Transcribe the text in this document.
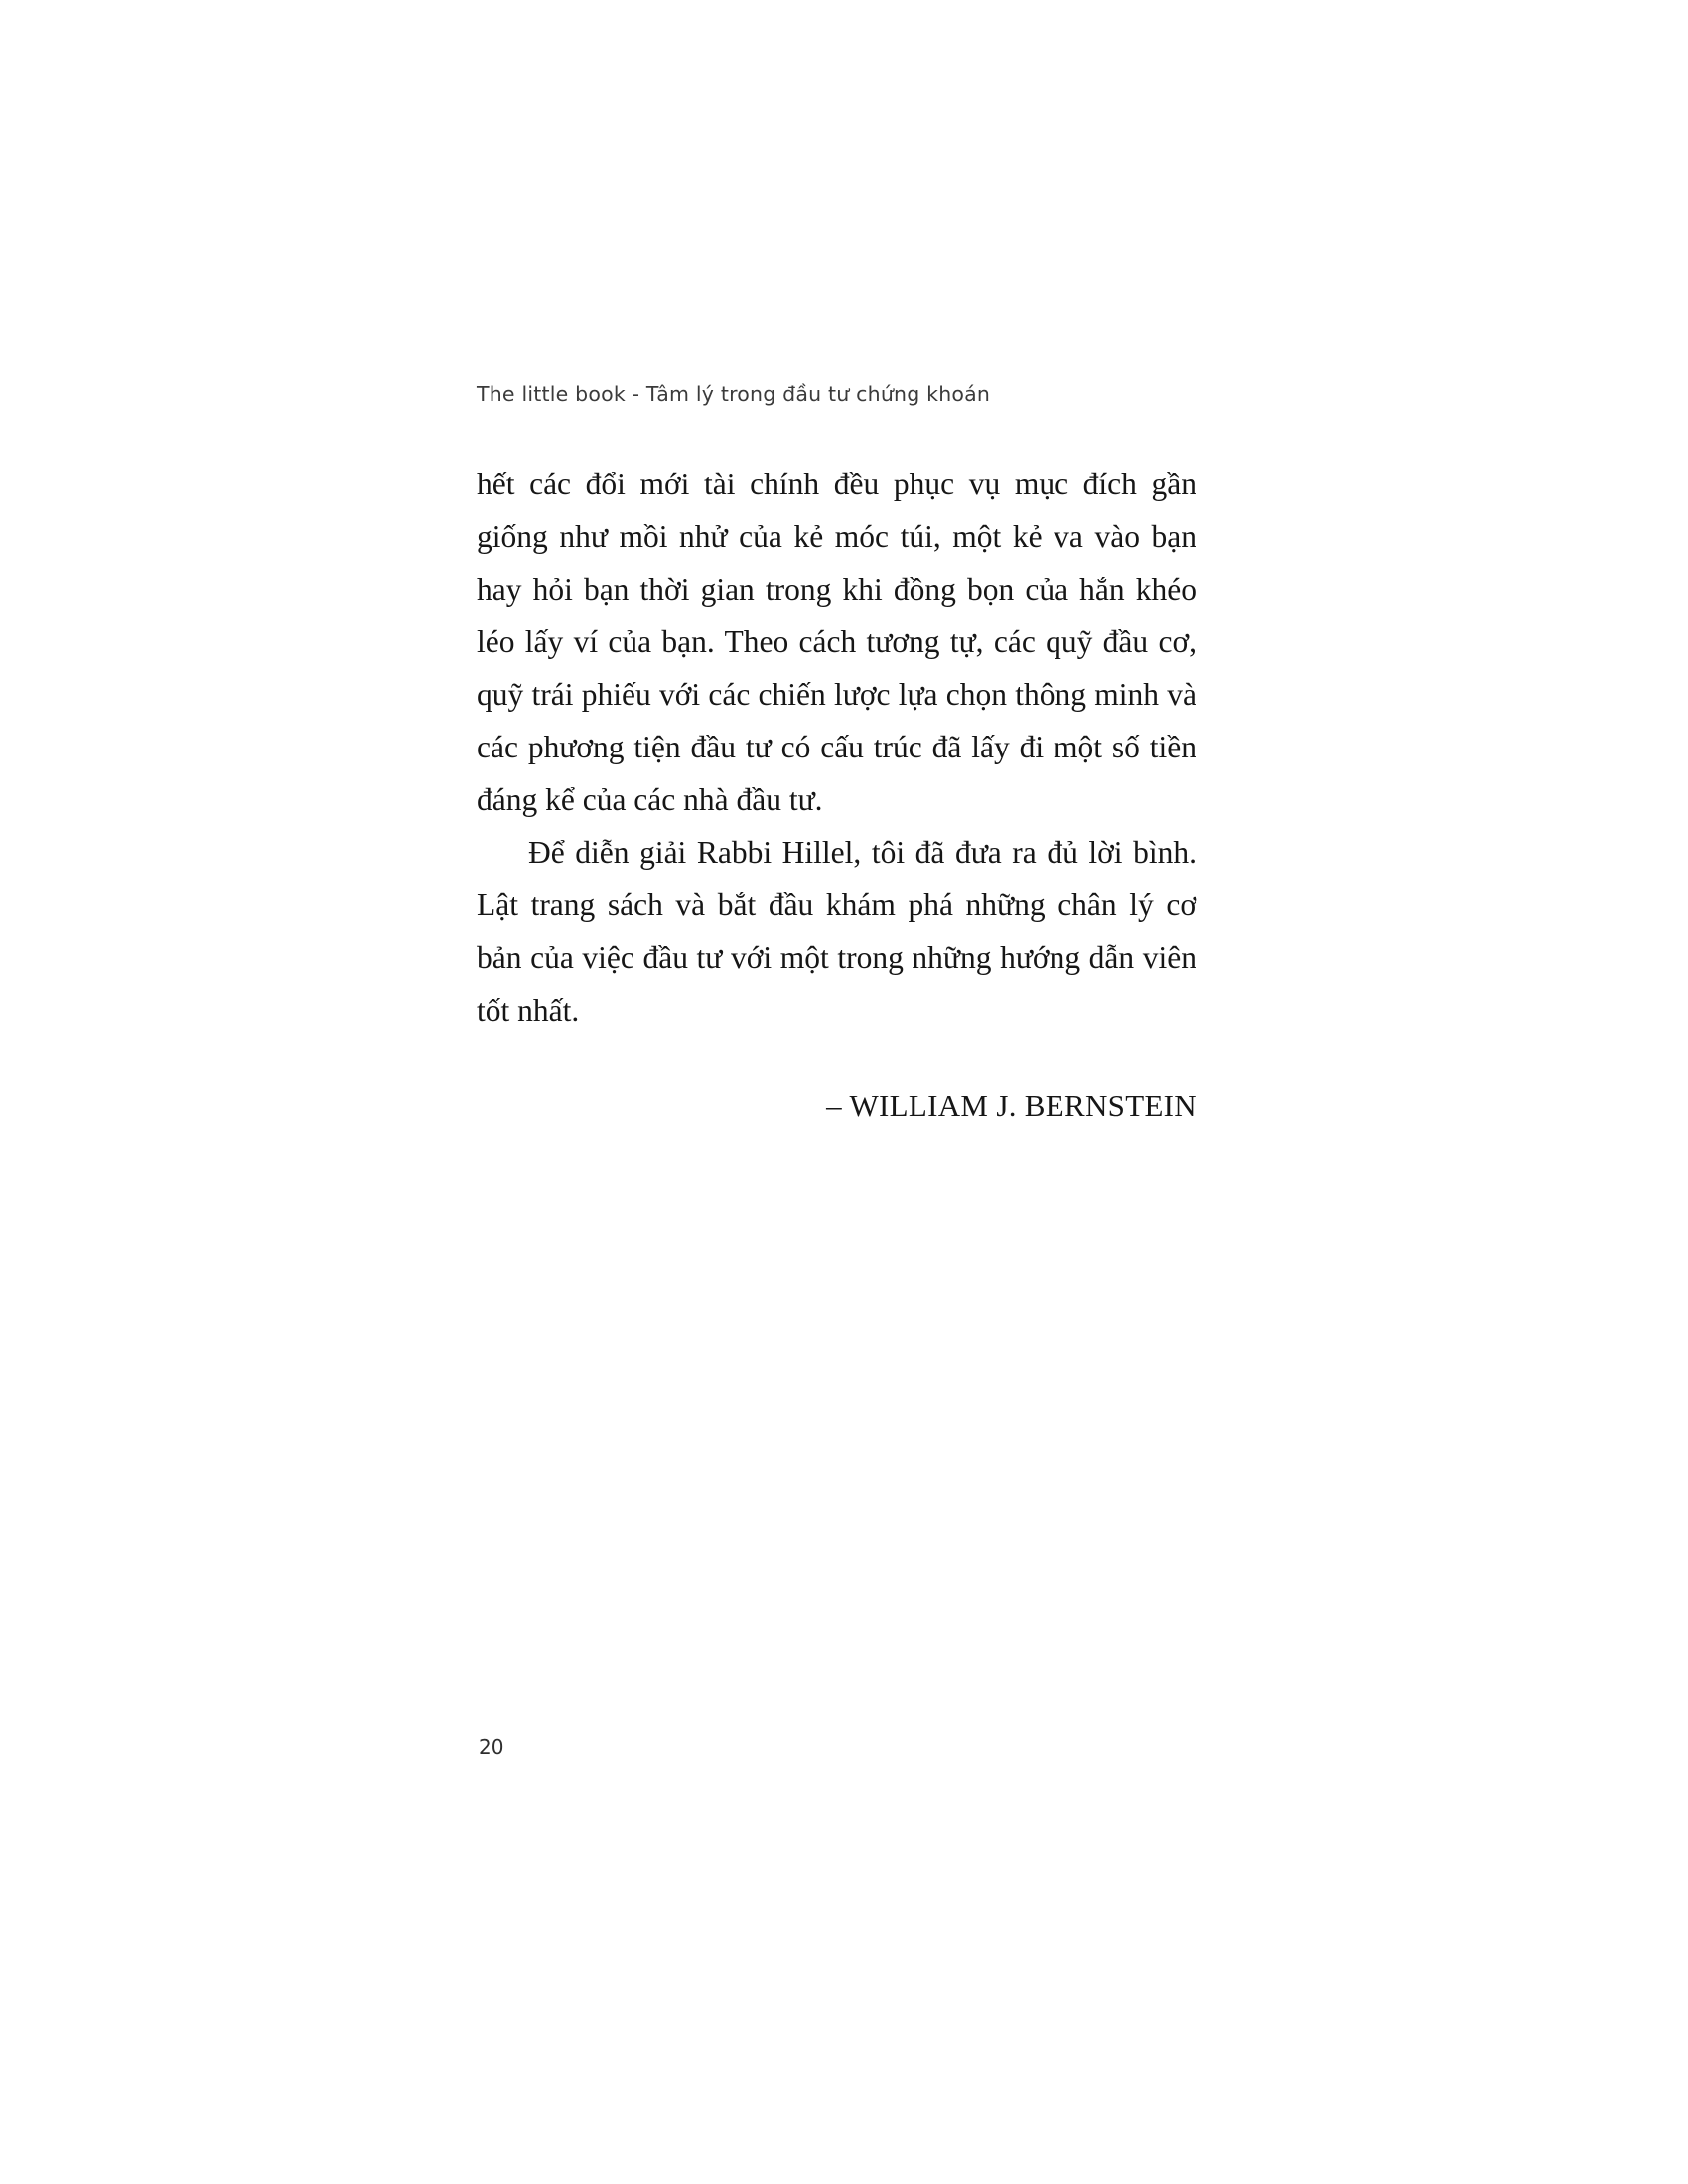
The little book - Tâm lý trong đầu tư chứng khoán

hết các đổi mới tài chính đều phục vụ mục đích gần giống như mồi nhử của kẻ móc túi, một kẻ va vào bạn hay hỏi bạn thời gian trong khi đồng bọn của hắn khéo léo lấy ví của bạn. Theo cách tương tự, các quỹ đầu cơ, quỹ trái phiếu với các chiến lược lựa chọn thông minh và các phương tiện đầu tư có cấu trúc đã lấy đi một số tiền đáng kể của các nhà đầu tư.

Để diễn giải Rabbi Hillel, tôi đã đưa ra đủ lời bình. Lật trang sách và bắt đầu khám phá những chân lý cơ bản của việc đầu tư với một trong những hướng dẫn viên tốt nhất.

– WILLIAM J. BERNSTEIN
20
